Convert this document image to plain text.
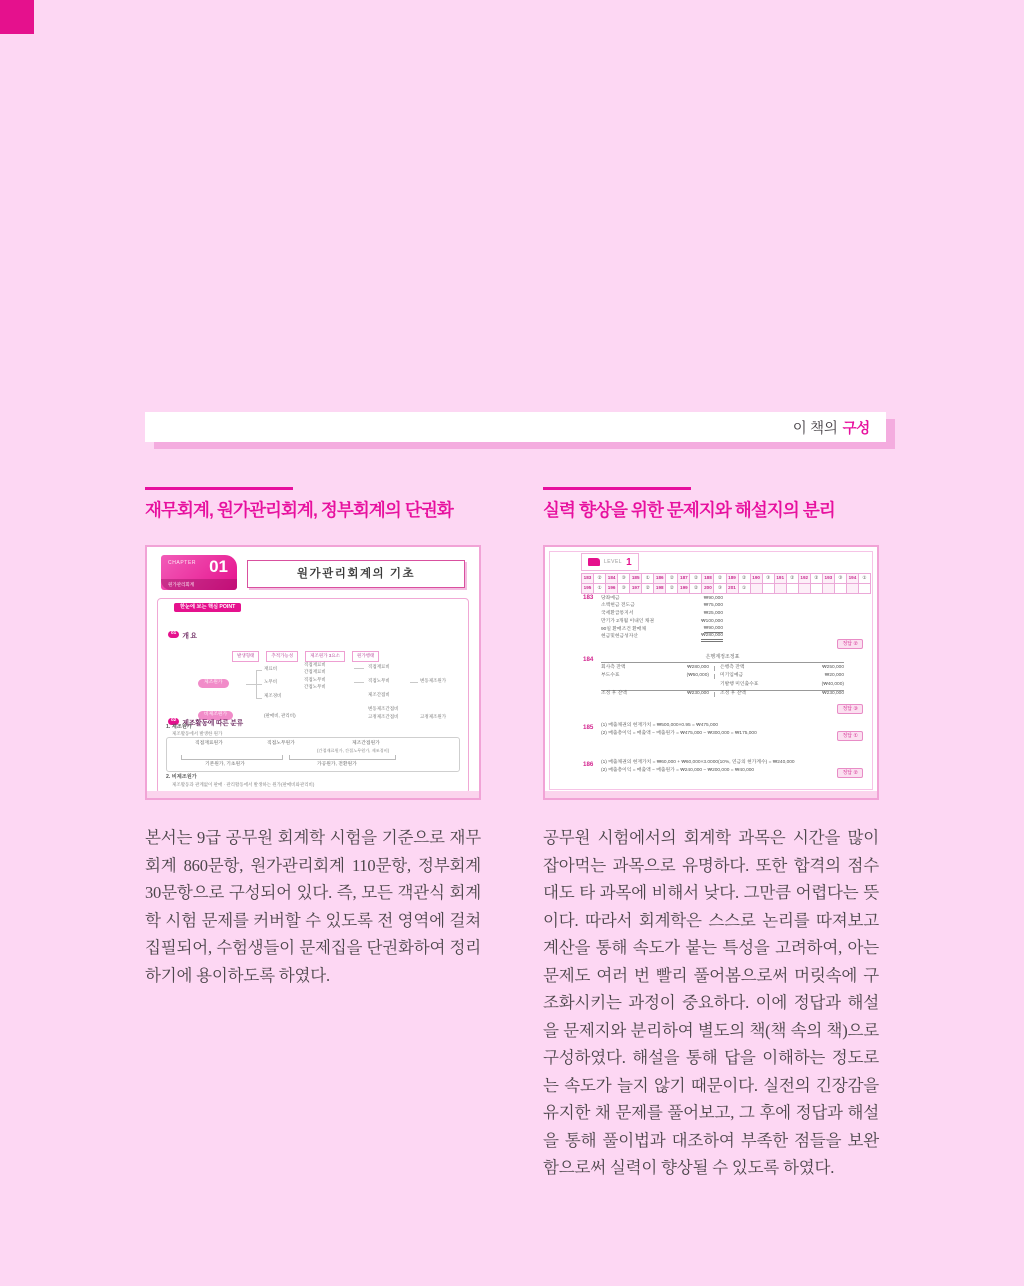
이 책의 구성
재무회계, 원가관리회계, 정부회계의 단권화
CHAPTER 01
원가관리회계
원가관리회계의 기초
한눈에 보는 핵심 POINT
01 개 요
발생형태	추적가능성	제조원가 3요소	원가행태
제조원가
재료비
노무비
제조경비
직접재료비
간접재료비
직접노무비
간접노무비
직접재료비
직접노무비
제조간접비
변동제조원가
비제조원가	(판매비, 관리비)
변동제조간접비
고정제조간접비	고정제조원가
02 제조활동에 따른 분류
1. 제조원가
제조활동에서 발생한 원가
직접재료원가	직접노무원가	제조간접원가
(간접재료원가, 간접노무원가, 제조경비)
기본원가, 기초원가	가공원가, 전환원가
2. 비제조원가
제조활동과 관계없이 판매 · 관리활동에서 발생하는 원가(판매비와관리비)

본서는 9급 공무원 회계학 시험을 기준으로 재무회계 860문항, 원가관리회계 110문항, 정부회계 30문항으로 구성되어 있다. 즉, 모든 객관식 회계학 시험 문제를 커버할 수 있도록 전 영역에 걸쳐 집필되어, 수험생들이 문제집을 단권화하여 정리하기에 용이하도록 하였다.

실력 향상을 위한 문제지와 해설지의 분리
LEVEL 1
183	②	184	③	185	①	186	②	187	②	188	②	189	②	190	③	191	②	192	②	193	③	194	①
195	①	196	③	197	②	198	②	199	②	200	③	201	①
183 당좌예금	₩90,000
소액현금 전도금	₩75,000
국세환급통지서	₩25,000
만기가 2개월 이내인 채권	₩100,000
90일 환매조건 환매채	₩90,000
현금및현금성자산	₩280,000
정답 ②
184	은행계정조정표
회사측 잔액	₩280,000	은행측 잔액	₩250,000
부도수표	(₩50,000)	미기입예금	₩20,000
기발행 미인출수표	(₩40,000)
조정 후 잔액	₩230,000	조정 후 잔액	₩230,000
정답 ③
185 (1) 매출채권의 현재가치 = ₩500,000×0.95 = ₩475,000
(2) 매출총이익 = 매출액 − 매출원가 = ₩475,000 − ₩300,000 = ₩175,000	정답 ①
186 (1) 매출채권의 현재가치 = ₩60,000 + ₩60,000×3.0000(10%, 연금의 현가계수) = ₩240,000
(2) 매출총이익 = 매출액 − 매출원가 = ₩240,000 − ₩200,000 = ₩40,000	정답 ②

공무원 시험에서의 회계학 과목은 시간을 많이 잡아먹는 과목으로 유명하다. 또한 합격의 점수대도 타 과목에 비해서 낮다. 그만큼 어렵다는 뜻이다. 따라서 회계학은 스스로 논리를 따져보고 계산을 통해 속도가 붙는 특성을 고려하여, 아는 문제도 여러 번 빨리 풀어봄으로써 머릿속에 구조화시키는 과정이 중요하다. 이에 정답과 해설을 문제지와 분리하여 별도의 책(책 속의 책)으로 구성하였다. 해설을 통해 답을 이해하는 정도로는 속도가 늘지 않기 때문이다. 실전의 긴장감을 유지한 채 문제를 풀어보고, 그 후에 정답과 해설을 통해 풀이법과 대조하여 부족한 점들을 보완함으로써 실력이 향상될 수 있도록 하였다.
